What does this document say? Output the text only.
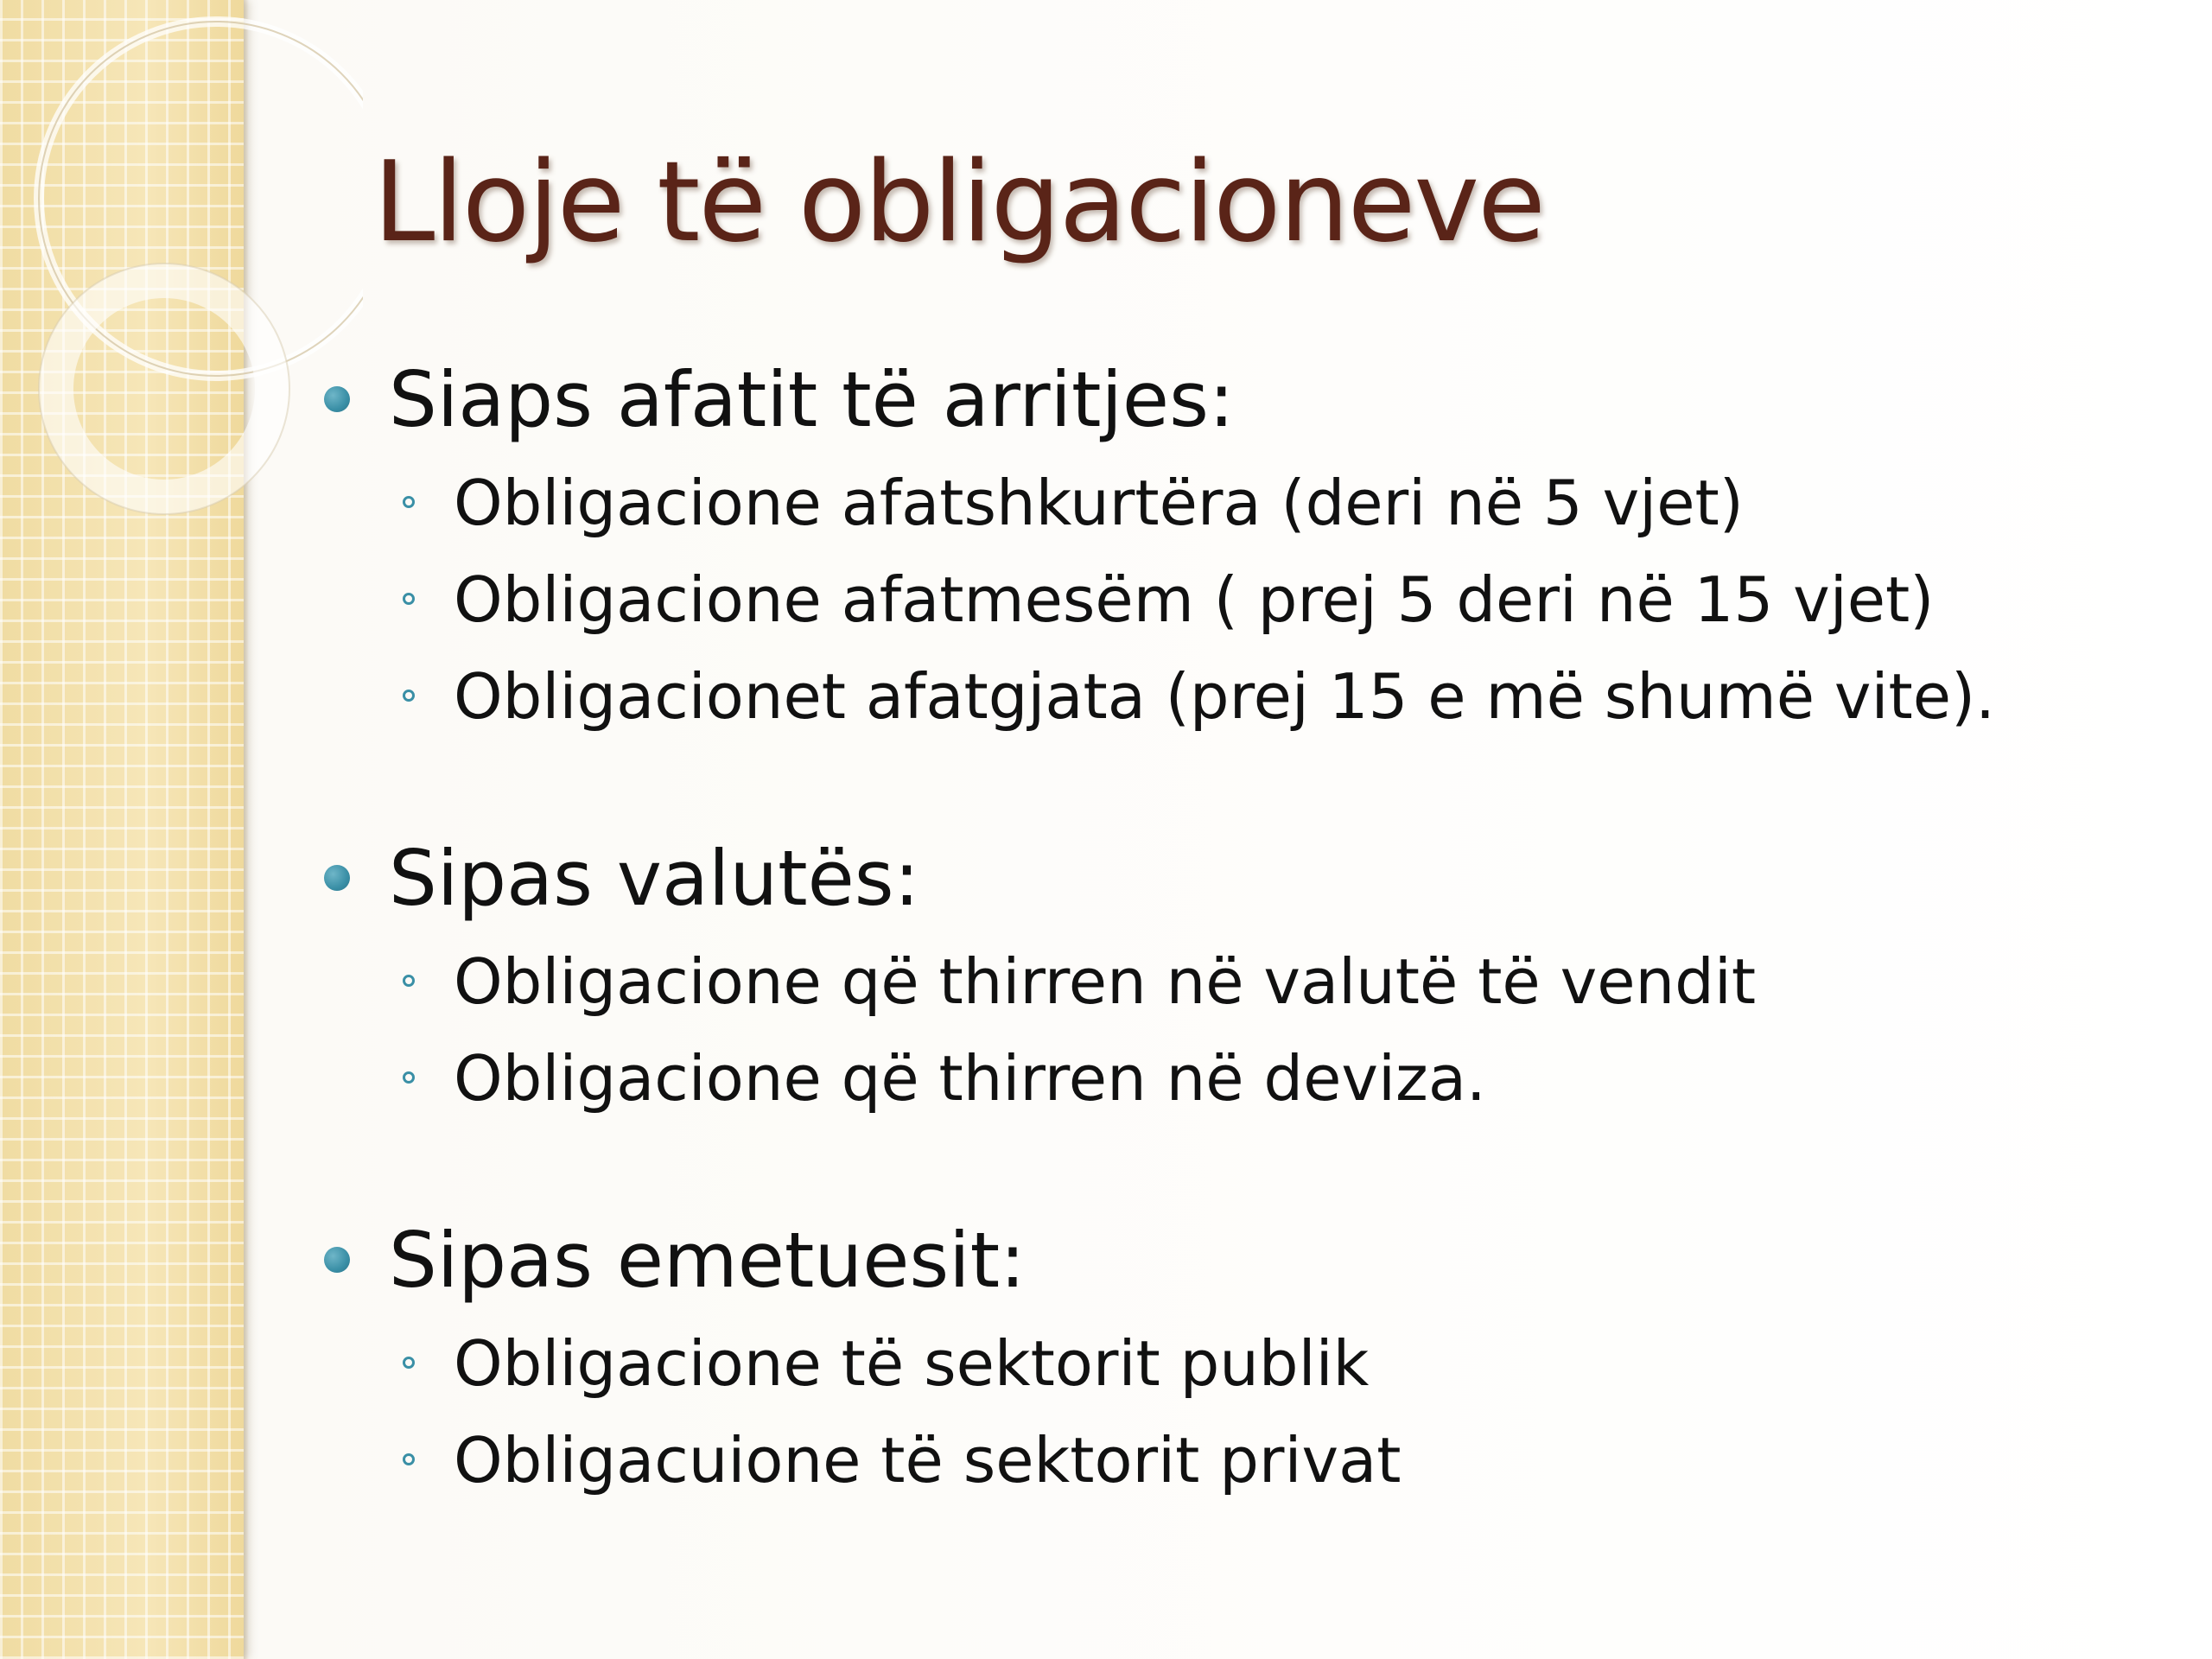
Lloje të obligacioneve
Siaps afatit të arritjes:
Obligacione afatshkurtëra (deri në 5 vjet)
Obligacione afatmesëm ( prej 5 deri në 15 vjet)
Obligacionet afatgjata (prej 15 e më shumë vite).
Sipas valutës:
Obligacione që thirren në valutë të vendit
Obligacione që thirren në deviza.
Sipas emetuesit:
Obligacione të sektorit publik
Obligacuione të sektorit privat
